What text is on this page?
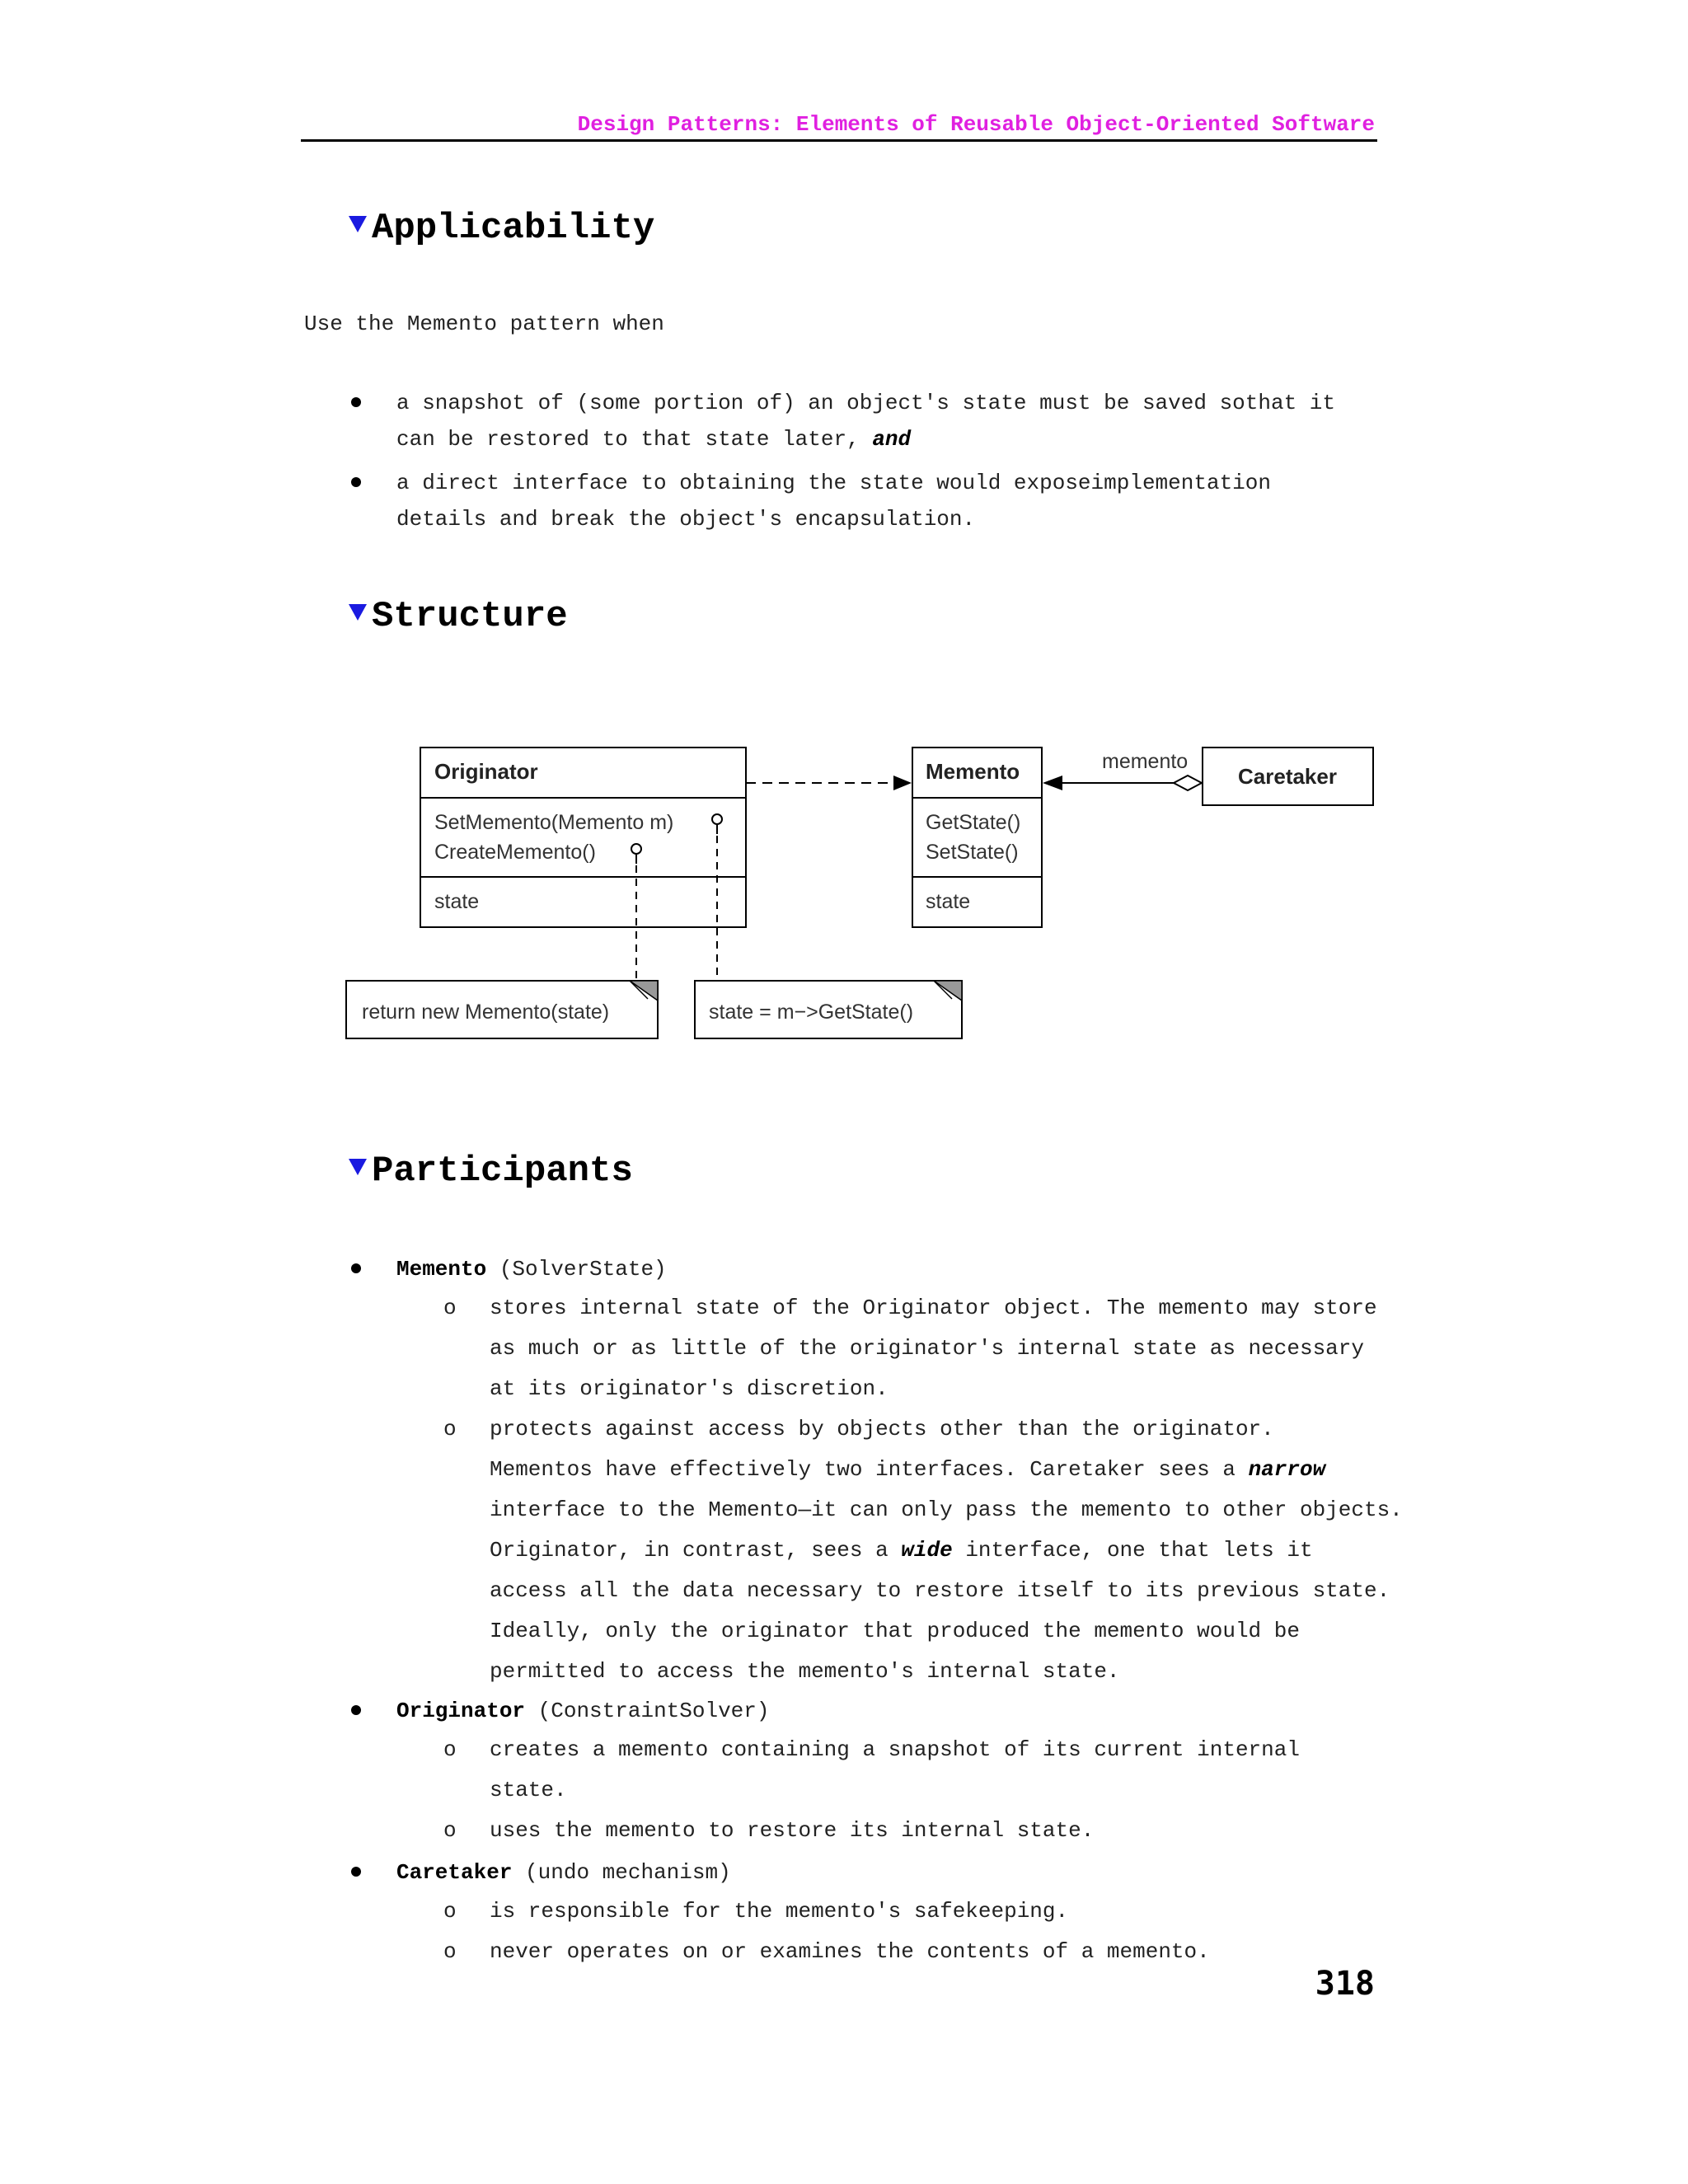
Design Patterns: Elements of Reusable Object-Oriented Software
Applicability
Use the Memento pattern when
a snapshot of (some portion of) an object's state must be saved sothat it
can be restored to that state later, and
a direct interface to obtaining the state would exposeimplementation
details and break the object's encapsulation.
Structure
Originator
SetMemento(Memento m)
CreateMemento()
state
Memento
GetState()
SetState()
state
memento
Caretaker
return new Memento(state)	state = m−>GetState()
Participants
Memento (SolverState)
o stores internal state of the Originator object. The memento may store
as much or as little of the originator's internal state as necessary
at its originator's discretion.
o protects against access by objects other than the originator.
Mementos have effectively two interfaces. Caretaker sees a narrow
interface to the Memento—it can only pass the memento to other objects.
Originator, in contrast, sees a wide interface, one that lets it
access all the data necessary to restore itself to its previous state.
Ideally, only the originator that produced the memento would be
permitted to access the memento's internal state.
Originator (ConstraintSolver)
o creates a memento containing a snapshot of its current internal
state.
o uses the memento to restore its internal state.
Caretaker (undo mechanism)
o is responsible for the memento's safekeeping.
o never operates on or examines the contents of a memento.
318
